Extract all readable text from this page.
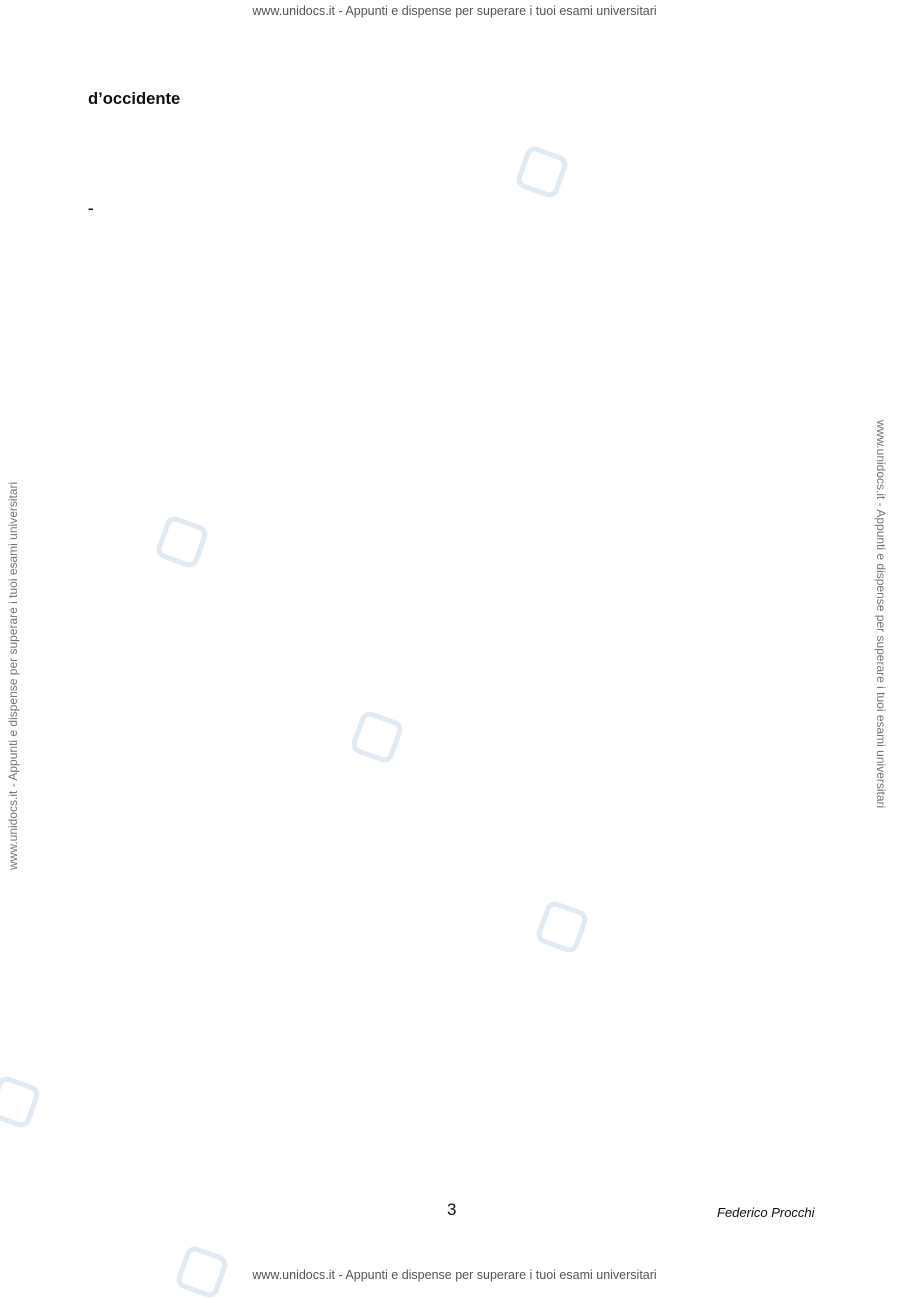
www.unidocs.it - Appunti e dispense per superare i tuoi esami universitari
www.unidocs.it - Appunti e dispense per superare i tuoi esami universitari	www.unidocs.it - Appunti e dispense per superare i tuoi esami universitari

d’occidente

www.unidocs.it - Appunti e dispense per superare i tuoi esami universitari
3	Federico Procchi
